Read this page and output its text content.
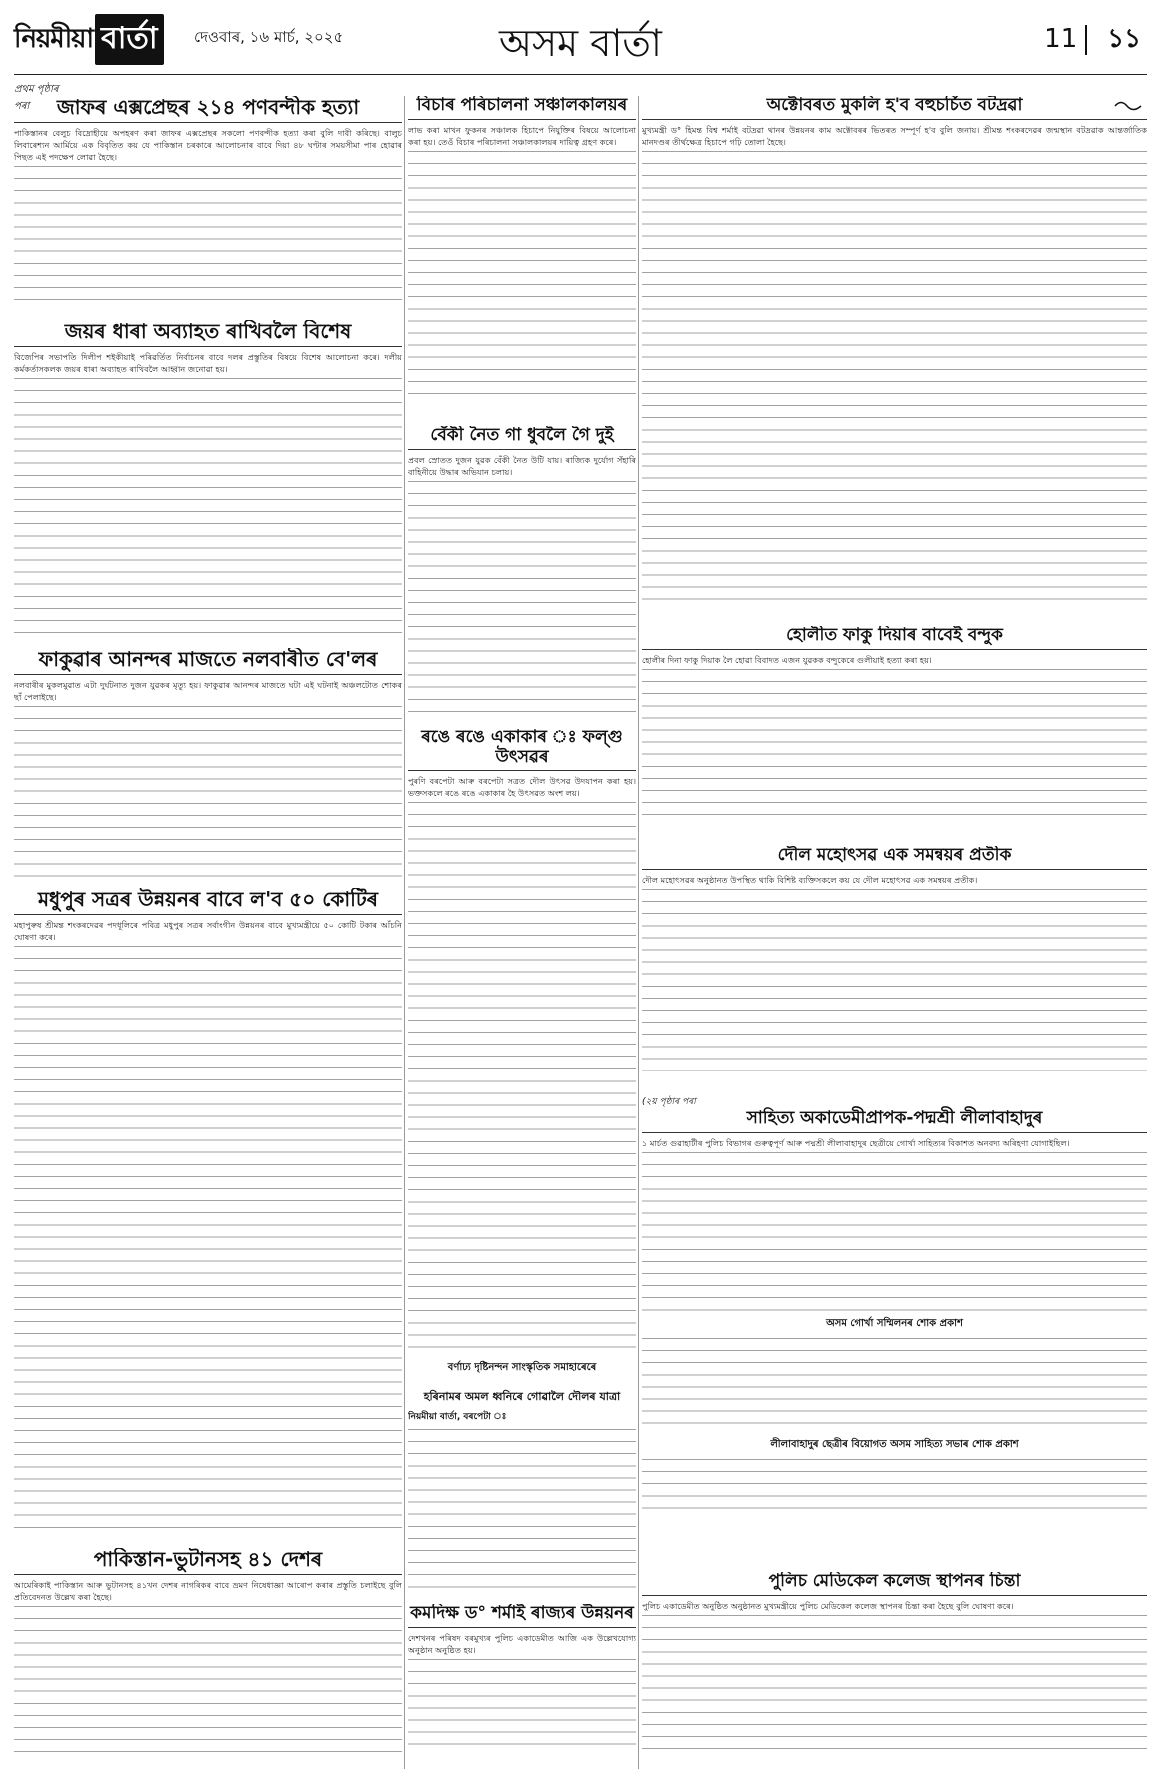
নিয়মীয়া বার্তা	দেওবাৰ, ১৬ মাৰ্চ, ২০২৫	অসম বাৰ্তা	11 ১১
প্ৰথম পৃষ্ঠাৰ পৰা	জাফৰ এক্সপ্ৰেছৰ ২১৪ পণবন্দীক হত্যা

পাকিস্তানৰ বেলুচ বিদ্ৰোহীয়ে অপহৰণ কৰা জাফৰ এক্সপ্ৰেছৰ সকলো পণবন্দীক হত্যা কৰা বুলি দাবী কৰিছে। বালুচ লিবাৰেশ্যন আৰ্মিয়ে এক বিবৃতিত কয় যে পাকিস্তান চৰকাৰে আলোচনাৰ বাবে দিয়া ৪৮ ঘণ্টাৰ সময়সীমা পাৰ হোৱাৰ পিছত এই পদক্ষেপ লোৱা হৈছে।

জয়ৰ ধাৰা অব্যাহত ৰাখিবলৈ বিশেষ

বিজেপিৰ সভাপতি দিলীপ শইকীয়াই পৰিৱৰ্তিত নিৰ্বাচনৰ বাবে দলৰ প্ৰস্তুতিৰ বিষয়ে বিশেষ আলোচনা কৰে। দলীয় কৰ্মকৰ্তাসকলক জয়ৰ ধাৰা অব্যাহত ৰাখিবলৈ আহ্বান জনোৱা হয়।

ফাকুৱাৰ আনন্দৰ মাজতে নলবাৰীত বে'লৰ

নলবাৰীৰ মুকলমুৱাত এটা দুৰ্ঘটনাত দুজন যুৱকৰ মৃত্যু হয়। ফাকুৱাৰ আনন্দৰ মাজতে ঘটা এই ঘটনাই অঞ্চলটোত শোকৰ ছাঁ পেলাইছে।

মধুপুৰ সত্ৰৰ উন্নয়নৰ বাবে ল'ব ৫০ কোটিৰ

মহাপুৰুষ শ্ৰীমন্ত শংকৰদেৱৰ পদধূলিৰে পবিত্ৰ মধুপুৰ সত্ৰৰ সৰ্বাংগীন উন্নয়নৰ বাবে মুখ্যমন্ত্ৰীয়ে ৫০ কোটি টকাৰ আঁচনি ঘোষণা কৰে।

পাকিস্তান-ভুটানসহ ৪১ দেশৰ

আমেৰিকাই পাকিস্তান আৰু ভুটানসহ ৪১খন দেশৰ নাগৰিকৰ বাবে ভ্ৰমণ নিষেধাজ্ঞা আৰোপ কৰাৰ প্ৰস্তুতি চলাইছে বুলি প্ৰতিবেদনত উল্লেখ কৰা হৈছে।

বিচাৰ পৰিচালনা সঞ্চালকালয়ৰ

লাভ কৰা মাখন ফুকনৰ সঞ্চালক হিচাপে নিযুক্তিৰ বিষয়ে আলোচনা কৰা হয়। তেওঁ বিচাৰ পৰিচালনা সঞ্চালকালয়ৰ দায়িত্ব গ্ৰহণ কৰে।

বেঁকী নৈত গা ধুবলৈ গৈ দুই

প্ৰবল স্ৰোতত দুজন যুৱক বেঁকী নৈত উটি যায়। ৰাজ্যিক দুৰ্যোগ সঁহাৰি বাহিনীয়ে উদ্ধাৰ অভিযান চলায়।

ৰঙে ৰঙে একাকাৰ ঃ ফল্গু উৎসৱৰ

পুৰণি বৰপেটা আৰু বৰপেটা সত্ৰত দৌল উৎসৱ উদযাপন কৰা হয়। ভক্তসকলে ৰঙে ৰঙে একাকাৰ হৈ উৎসৱত অংশ লয়।

বৰ্ণাঢ্য দৃষ্টিনন্দন সাংস্কৃতিক সমাহাৰেৰে
হৰিনামৰ অমল ধ্বনিৰে গোৱালৈ দৌলৰ যাত্ৰা
নিয়মীয়া বাৰ্তা, বৰপেটা ঃ
কমদিক্ষ ড° শৰ্মাই ৰাজ্যৰ উন্নয়নৰ

দেশখনৰ পৰিষদ বৰমুখ্যৰ পুলিচ একাডেমীত আজি এক উল্লেখযোগ্য অনুষ্ঠান অনুষ্ঠিত হয়।

অক্টোবৰত মুকলি হ'ব বহুচৰ্চিত বটদ্ৰৱা

মুখ্যমন্ত্ৰী ড° হিমন্ত বিশ্ব শৰ্মাই বটদ্ৰৱা থানৰ উন্নয়নৰ কাম অক্টোবৰৰ ভিতৰত সম্পূৰ্ণ হ'ব বুলি জনায়। শ্ৰীমন্ত শংকৰদেৱৰ জন্মস্থান বটদ্ৰৱাক আন্তৰ্জাতিক মানদণ্ডৰ তীৰ্থক্ষেত্ৰ হিচাপে গঢ়ি তোলা হৈছে।

হোলীত ফাকু দিয়াৰ বাবেই বন্দুক

হোলীৰ দিনা ফাকু দিয়াক লৈ হোৱা বিবাদত এজন যুৱকক বন্দুকেৰে গুলীয়াই হত্যা কৰা হয়।

দৌল মহোৎসৱ এক সমন্বয়ৰ প্ৰতীক

দৌল মহোৎসৱৰ অনুষ্ঠানত উপস্থিত থাকি বিশিষ্ট ব্যক্তিসকলে কয় যে দৌল মহোৎসৱ এক সমন্বয়ৰ প্ৰতীক।

(২য় পৃষ্ঠাৰ পৰা
সাহিত্য অকাডেমীপ্ৰাপক-পদ্মশ্ৰী লীলাবাহাদুৰ

১ মাৰ্চত গুৱাহাটীৰ পুলিচ বিভাগৰ গুৰুত্বপূৰ্ণ আৰু পদ্মশ্ৰী লীলাবাহাদুৰ ছেত্ৰীয়ে গোৰ্খা সাহিত্যৰ বিকাশত অনবদ্য অৰিহণা যোগাইছিল।

অসম গোৰ্খা সম্মিলনৰ শোক প্ৰকাশ
লীলাবাহাদুৰ ছেত্ৰীৰ বিয়োগত অসম সাহিত্য সভাৰ শোক প্ৰকাশ
পুলিচ মেডিকেল কলেজ স্থাপনৰ চিন্তা

পুলিচ একাডেমীত অনুষ্ঠিত অনুষ্ঠানত মুখ্যমন্ত্ৰীয়ে পুলিচ মেডিকেল কলেজ স্থাপনৰ চিন্তা কৰা হৈছে বুলি ঘোষণা কৰে।
